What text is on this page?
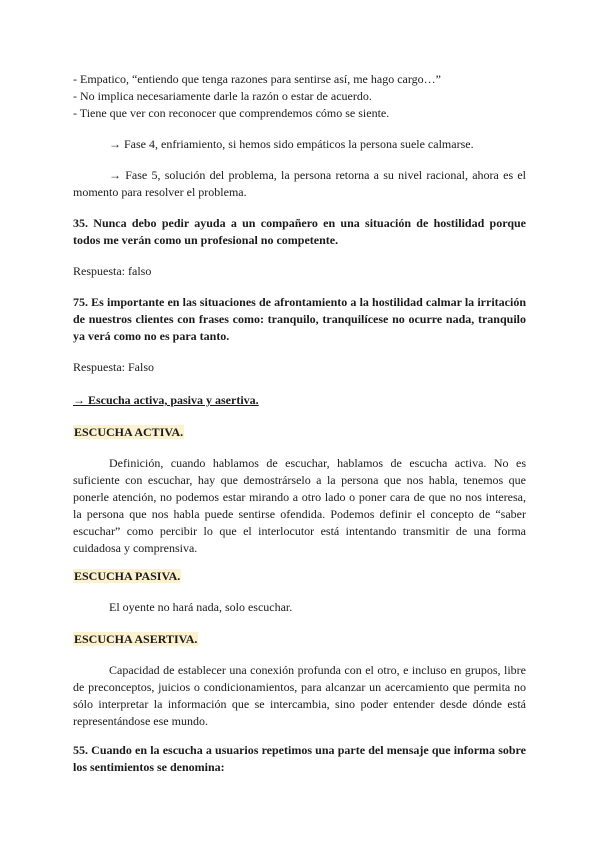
- Empatico, “entiendo que tenga razones para sentirse así, me hago cargo…”
- No implica necesariamente darle la razón o estar de acuerdo.
- Tiene que ver con reconocer que comprendemos cómo se siente.
→ Fase 4, enfriamiento, si hemos sido empáticos la persona suele calmarse.
→ Fase 5, solución del problema, la persona retorna a su nivel racional, ahora es el momento para resolver el problema.
35. Nunca debo pedir ayuda a un compañero en una situación de hostilidad porque todos me verán como un profesional no competente.
Respuesta: falso
75. Es importante en las situaciones de afrontamiento a la hostilidad calmar la irritación de nuestros clientes con frases como: tranquilo, tranquilícese no ocurre nada, tranquilo ya verá como no es para tanto.
Respuesta: Falso
→ Escucha activa, pasiva y asertiva.
ESCUCHA ACTIVA.
Definición, cuando hablamos de escuchar, hablamos de escucha activa. No es suficiente con escuchar, hay que demostrárselo a la persona que nos habla, tenemos que ponerle atención, no podemos estar mirando a otro lado o poner cara de que no nos interesa, la persona que nos habla puede sentirse ofendida. Podemos definir el concepto de “saber escuchar” como percibir lo que el interlocutor está intentando transmitir de una forma cuidadosa y comprensiva.
ESCUCHA PASIVA.
El oyente no hará nada, solo escuchar.
ESCUCHA ASERTIVA.
Capacidad de establecer una conexión profunda con el otro, e incluso en grupos, libre de preconceptos, juicios o condicionamientos, para alcanzar un acercamiento que permita no sólo interpretar la información que se intercambia, sino poder entender desde dónde está representándose ese mundo.
55. Cuando en la escucha a usuarios repetimos una parte del mensaje que informa sobre los sentimientos se denomina:
